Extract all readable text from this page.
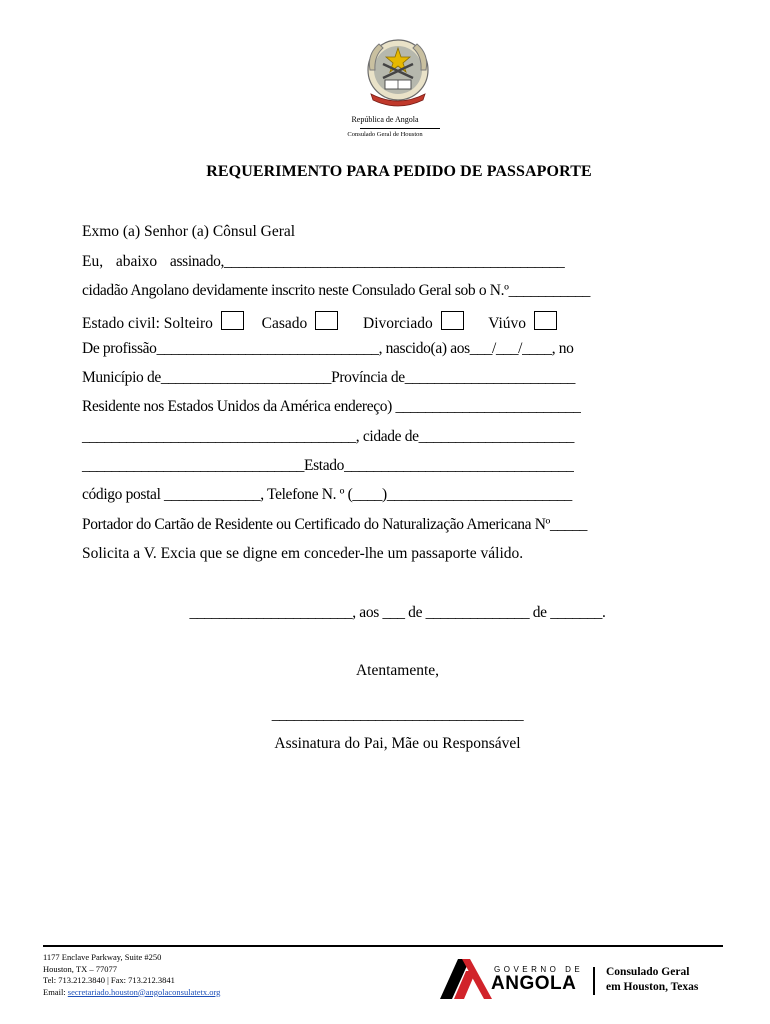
República de Angola
Consulado Geral de Houston
REQUERIMENTO PARA PEDIDO DE PASSAPORTE
Exmo (a) Senhor (a) Cônsul Geral
Eu, abaixo assinado,______________________________________________
cidadão Angolano devidamente inscrito neste Consulado Geral sob o N.º___________
Estado civil: Solteiro	Casado	Divorciado	Viúvo
De profissão______________________________, nascido(a) aos___/___/____, no
Município de_______________________Província de_______________________
Residente nos Estados Unidos da América endereço) _________________________
_____________________________________, cidade de_____________________
______________________________Estado_______________________________
código postal _____________, Telefone N. º (____)_________________________
Portador do Cartão de Residente ou Certificado do Naturalização Americana Nº_____
Solicita a V. Excia que se digne em conceder-lhe um passaporte válido.
______________________, aos ___ de ______________ de _______.
Atentamente,
__________________________________
Assinatura do Pai, Mãe ou Responsável
1177 Enclave Parkway, Suite #250
Houston, TX – 77077
Tel: 713.212.3840 | Fax: 713.212.3841
Email: secretariado.houston@angolaconsulatetx.org
GOVERNO DE
ANGOLA
Consulado Geral
em Houston, Texas
